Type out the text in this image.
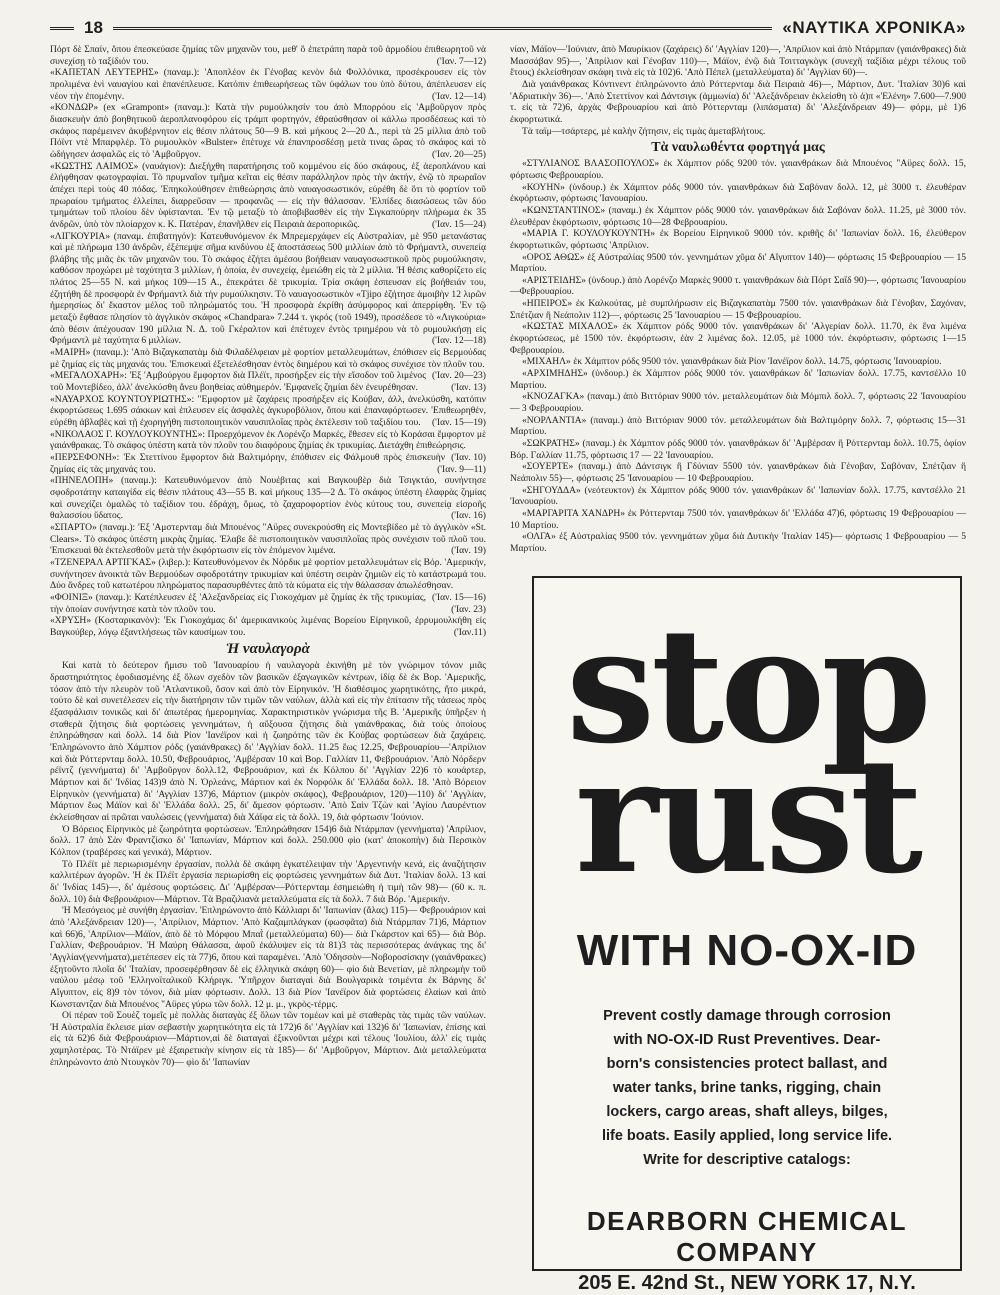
18	«ΝΑΥΤΙΚΑ ΧΡΟΝΙΚΑ»

Πόρτ δὲ Σπαίν, ὅπου ἐπεσκεύασε ζημίας τῶν μηχανῶν του, μεθ' ὃ ἐπετράπη παρὰ τοῦ ἁρμοδίου ἐπιθεωρητοῦ νὰ συνεχίσῃ τὸ ταξίδιόν του.	('Ιαν. 7—12)

«ΚΑΠΕΤΑΝ ΛΕΥΤΕΡΗΣ» (παναμ.): 'Αποπλέον ἐκ Γένοβας κενὸν διὰ Φολλόνικα, προσέκρουσεν εἰς τὸν προλιμένα ἑνὶ ναυαγίου καὶ ἐπανέπλευσε. Κατόπιν ἐπιθεωρήσεως τῶν ὑφάλων του ὑπὸ δύτου, ἀπέπλευσεν εἰς νέον τὴν ἐπομένην.	('Ιαν. 12—14)

«ΚΟΝΔΩΡ» (ex «Grampont» (παναμ.): Κατὰ τὴν ρυμούλκησίν του ἀπὸ Μπορρόου εἰς 'Αμβοῦργον πρὸς διασκευὴν ἀπὸ βοηθητικοῦ ἀεροπλανοφόρου εἰς τράμπ φορτηγόν, ἐθραύσθησαν οἱ κάλλω προσδέσεως καὶ τὸ σκάφος παρέμεινεν ἀκυβέρνητον εἰς θέσιν πλάτους 50—9 Β. καὶ μήκους 2—20 Δ., περὶ τὰ 25 μίλλια ἀπὸ τοῦ Πόϊντ ντὲ Μπαρφλέρ. Τὸ ρυμουλκὸν «Bulster» ἐπέτυχε νὰ ἐπανπροσδέσῃ μετὰ τινας ὥρας τὸ σκάφος καὶ τὸ ὡδήγησεν ἀσφαλῶς εἰς τὸ 'Αμβοῦργον.	('Ιαν. 20—25)

«ΚΩΣΤΗΣ ΛΑΙΜΟΣ» (ναυάγιον): Διεξήχθη παρατήρησις τοῦ κομμένου εἰς δύο σκάφους, ἐξ ἀεροπλάνου καὶ ἐλήφθησαν φωτογραφίαι. Τὸ πρυμναῖον τμῆμα κεῖται εἰς θέσιν παράλληλον πρὸς τὴν ἀκτήν, ἐνῷ τὸ πρωραῖον ἀπέχει περὶ τοὺς 40 πόδας. 'Επηκολούθησεν ἐπιθεώρησις ἀπὸ ναυαγοσωστικόν, εὑρέθη δὲ ὅτι τὸ φορτίον τοῦ πρωραίου τμήματος ἐλλείπει, διαρρεῦσαν — προφανῶς — εἰς τὴν θάλασσαν. 'Ελπίδες διασώσεως τῶν δύο τμημάτων τοῦ πλοίου δὲν ὑφίστανται. 'Εν τῷ μεταξὺ τὸ ἀποβιβασθὲν εἰς τὴν Σιγκαπούρην πλήρωμα ἐκ 35 ἀνδρῶν, ὑπὸ τὸν πλοίαρχον κ. Κ. Πατέραν, ἐπανῆλθεν εἰς Πειραιὰ ἀεροπορικῶς.	('Ιαν. 15—24)

«ΛΙΓΚΟΥΡΙΑ» (παναμ. ἐπιβατηγόν): Κατευθυνόμενον ἐκ Μπρεμερχάφεν εἰς Αὐστραλίαν, μὲ 950 μετανάστας καὶ μὲ πλήρωμα 130 ἀνδρῶν, ἐξέπεμψε σῆμα κινδύνου ἐξ ἀποστάσεως 500 μιλλίων ἀπὸ τὸ Φρήμαντλ, συνεπείᾳ βλάβης τῆς μιᾶς ἐκ τῶν μηχανῶν του. Τὸ σκάφος ἐζήτει ἀμέσου βοήθειαν ναυαγοσωστικοῦ πρὸς ρυμούλκησιν, καθόσον προχώρει μὲ ταχύτητα 3 μιλλίων, ἡ ὁποία, ἐν συνεχείᾳ, ἐμειώθη εἰς τὰ 2 μίλλια. 'Η θέσις καθορίζετο εἰς πλάτος 25—55 Ν. καὶ μήκος 109—15 Α., ἐπεκράτει δὲ τρικυμία. Τρία σκάφη ἐσπευσαν εἰς βοήθειάν του, ἐζητήθη δὲ προσφορὰ ἐν Φρήμαντλ διὰ τὴν ρυμούλκησιν. Τὸ ναυαγοσωστικὸν «Tjipo ἐζήτησε ἀμοιβὴν 12 λιρῶν ἡμερησίως δι' ἕκαστον μέλος τοῦ πληρώματός του. 'Η προσφορὰ ἐκρίθη ἀσύμφορος καὶ ἀπερρίφθη. 'Εν τῷ μεταξὺ ἔφθασε πλησίον τὸ ἀγγλικὸν σκάφος «Chandpara» 7.244 τ. γκρός (τοῦ 1949), προσέδεσε τὸ «Λιγκούρια» ἀπὸ θέσιν ἀπέχουσαν 190 μίλλια Ν. Δ. τοῦ Γκέραλτον καὶ ἐπέτυχεν ἐντὸς τριημέρου νὰ τὸ ρυμουλκήσῃ εἰς Φρήμαντλ μὲ ταχύτητα 6 μιλλίων.	('Ιαν. 12—18)

«ΜΑΙΡΗ» (παναμ.): 'Απὸ Βιζαγκαπατὰμ διὰ Φιλαδέλφειαν μὲ φορτίον μεταλλευμάτων, ἐπόθισεν εἰς Βερμούδας μὲ ζημίας εἰς τὰς μηχανάς του. 'Επισκευαὶ ἐξετελέσθησαν ἐντὸς διημέρου καὶ τὸ σκάφος συνέχισε τὸν πλοῦν του.
('Ιαν. 20—23)

«ΜΕΓΑΛΟΧΑΡΗ»: 'Εξ 'Αμβούργου ἔμφορτον διὰ Πλέϊτ, προσήρξεν εἰς τὴν εἴσοδον τοῦ λιμένος τοῦ Μοντεβίδεο, ἀλλ' ἀνελκύσθη ἄνευ βοηθείας αὐθημερόν. 'Εμφανεῖς ζημίαι δὲν ἐνευρέθησαν.	('Ιαν. 13)

«ΝΑΥΑΡΧΟΣ ΚΟΥΝΤΟΥΡΙΩΤΗΣ»: "Εμφορτον μὲ ζαχάρεις προσήρξεν εἰς Κούβαν, ἀλλ, ἀνελκύσθη, κατόπιν ἐκφορτώσεως 1.695 σάκκων καὶ ἐπλευσεν εἰς ἀσφαλὲς ἀγκυροβόλιον, ὅπου καὶ ἐπαναφόρτωσεν. 'Επιθεωρηθέν, εὑρέθη ἀβλαβὲς καὶ τῇ ἐχορηγήθη πιστοποιητικὸν ναυσιπλοΐας πρὸς ἐκτέλεσιν τοῦ ταξιδίου του.	('Ιαν. 15—19)

«ΝΙΚΟΛΑΟΣ Γ. ΚΟΥΛΟΥΚΟΥΝΤΗΣ»: Προερχόμενον ἐκ Λορένζο Μαρκές, ἔθεσεν εἰς τὸ Κοράσαι ἔμφορτον μὲ γαιάνθρακας. Τὸ σκάφος ὑπέστη κατὰ τὸν πλοῦν του διαφόρους ζημίας ἐκ τρικυμίας. Διετάχθη ἐπιθεώρησις.
('Ιαν. 10)

«ΠΕΡΣΕΦΟΝΗ»: 'Εκ Στεττίνου ἔμφορτον διὰ Βαλτιμόρην, ἐπόθισεν εἰς Φάλμουθ πρὸς ἐπισκευὴν ζημίας εἰς τὰς μηχανάς του.	('Ιαν. 9—11)

«ΠΗΝΕΛΟΠΗ» (παναμ.): Κατευθυνόμενον ἀπὸ Νουέβιτας καὶ Βαγκουβὲρ διὰ Τσιγκτάο, συνήντησε σφοδροτάτην καταιγίδα εἰς θέσιν πλάτους 43—55 Β. καὶ μήκους 135—2 Δ. Τὸ σκάφος ὑπέστη ἐλαφρὰς ζημίας καὶ συνεχίζει ὁμαλῶς τὸ ταξίδιον του. ἐδράχη, ὅμως, τὸ ζαχαροφορτίον ἑνὸς κύτους του, συνεπείᾳ εἰσροῆς θαλασσίου ὕδατος.	('Ιαν. 16)

«ΣΠΑΡΤΟ» (παναμ.): 'Εξ 'Αμστερνταμ διὰ Μπουένος "Αϋρες συνεκρούσθη εἰς Μοντεβίδεο μὲ τὸ ἀγγλικὸν «St. Clears». Τὸ σκάφος ὑπέστη μικρὰς ζημίας. 'Ελαβε δὲ πιστοποιητικὸν ναυσιπλοΐας πρὸς συνέχισιν τοῦ πλοῦ του. 'Επισκευαὶ θὰ ἐκτελεσθοῦν μετὰ τὴν ἐκφόρτωσιν εἰς τὸν ἐπόμενον λιμένα.	('Ιαν. 19)

«ΤΖΕΝΕΡΑΛ ΑΡΤΙΓΚΑΣ» (λιβερ.): Κατευθυνόμενον ἐκ Νόρδικ μὲ φορτίον μεταλλευμάτων εἰς Βόρ. 'Αμερικήν, συνήντησεν ἀνοικτὰ τῶν Βερμούδων σφοδροτάτην τρικυμίαν καὶ ὑπέστη σειρὰν ζημιῶν εἰς τὸ κατάστρωμά του. Δύο ἄνδρες τοῦ κατωτέρου πληρώματος παρασυρθέντες ἀπὸ τὰ κύματα εἰς τὴν θάλασσαν ἀπωλέσθησαν.
('Ιαν. 15—16)

«ΦΟΙΝΙΞ» (παναμ.): Κατέπλευσεν ἐξ 'Αλεξανδρείας εἰς Γιοκοχάμαν μὲ ζημίας ἐκ τῆς τρικυμίας, τὴν ὁποίαν συνήντησε κατὰ τὸν πλοῦν του.	('Ιαν. 23)

«ΧΡΥΣΗ» (Κοσταρικανὸν): 'Εκ Γιοκοχάμας δι' ἀμερικανικοὺς λιμένας Βορείου Εἰρηνικοῦ, ἐρρυμουλκήθη εἰς Βαγκούβερ, λόγῳ ἐξαντλήσεως τῶν καυσίμων του.	('Ιαν.11)

Ἡ ναυλαγορὰ

Καὶ κατὰ τὸ δεύτερον ἥμισυ τοῦ 'Ιανουαρίου ἡ ναυλαγορὰ ἐκινήθη μὲ τὸν γνώριμον τόνον μιᾶς δραστηριότητος ἐφοδιασμένης ἐξ ὅλων σχεδὸν τῶν βασικῶν ἐξαγωγικῶν κέντρων, ἰδίᾳ δὲ ἐκ Βορ. 'Αμερικῆς, τόσον ἀπὸ τὴν πλευρὸν τοῦ 'Ατλαντικοῦ, ὅσον καὶ ἀπὸ τὸν Εἰρηνικόν. 'Η διαθέσιμος χωρητικότης, ἤτο μικρά, τούτο δὲ καὶ συνετέλεσεν εἰς τὴν διατήρησιν τῶν τιμῶν τῶν ναύλων, ἀλλὰ καὶ εἰς τὴν ἐπίτασιν τῆς τάσεως πρὸς ἐξασφάλισιν τονικῶς καὶ δι' ἀπωτέρας ἡμερομηνίας. Χαρακτηριστικὸν γνώρισμα τῆς Β. 'Αμερικῆς ὑπῆρξεν ἡ σταθερὰ ζήτησις διὰ φορτώσεις γεννημάτων, ἡ αὔξουσα ζήτησις διὰ γαιάνθρακας, διὰ τοὺς ὁποίους ἐπληρώθησαν καὶ δολλ. 14 διὰ Ρίον 'Ιανέϊρον καὶ ἡ ζωηρότης τῶν ἐκ Κούβας φορτώσεων διὰ ζαχάρεις. 'Επληρώνοντο ἀπὸ Χάμπτον ρόδς (γαιάνθρακες) δι' 'Αγγλίαν δολλ. 11.25 ἕως 12.25, Φεβρουαρίου—'Απρίλιον καὶ διὰ Ρόττερνταμ δολλ. 10.50, Φεβρουάριος, 'Αμβέρσαν 10 καὶ Βορ. Γαλλίαν 11, Φεβρουάριον. 'Απὸ Νόρδερν ρέϊντζ (γεννήματα) δι' 'Αμβοῦργον δολλ.12, Φεβρουάριον, καὶ ἐκ Κόλπου δι' 'Αγγλίαν 22)6 τὸ κουάρτερ, Μάρτιον καὶ δι' 'Ινδίας 143)9 ἀπὸ Ν. Ὀρλεάνς, Μάρτιον καὶ ἐκ Νορφόλκ δι' Ἑλλάδα δολλ. 18. 'Απὸ Βόρειον Εἰρηνικὸν (γεννήματα) δι' 'Αγγλίαν 137)6, Μάρτιον (μικρὸν σκάφος), Φεβρουάριον, 120)—110) δι' 'Αγγλίαν, Μάρτιον ἕως Μάϊον καὶ δι' Ἑλλάδα δολλ. 25, δι' ἄμεσον φόρτωσιν. 'Απὸ Σαὶν Τζὼν καὶ 'Αγίου Λαυρέντιον ἐκλείσθησαν αἱ πρῶται ναυλώσεις (γεννήματα) διὰ Χάϊφα εἰς τὰ δολλ. 19, διὰ φόρτωσιν 'Ιούνιον.

Ὁ Βόρειος Εἰρηνικὸς μὲ ζωηρότητα φορτώσεων. 'Επληρώθησαν 154)6 διὰ Ντάρμπαν (γεννήματα) 'Απρίλιον, δολλ. 17 ἀπὸ Σὰν Φραντζίσκο δι' 'Ιαπωνίαν, Μάρτιον καὶ δολλ. 250.000 φὶο (κατ' ἀποκοπὴν) διὰ Περσικὸν Κόλπον (τραβέρσες καὶ γενικά), Μάρτιον.

Τὸ Πλέϊτ μὲ περιωρισμένην ἐργασίαν, πολλὰ δὲ σκάφη ἐγκατέλειψαν τὴν 'Αργεντινὴν κενά, εἰς ἀναζήτησιν καλλιτέρων ἀγορῶν. 'Η ἐκ Πλέϊτ ἐργασία περιωρίσθη εἰς φορτώσεις γεννημάτων διὰ Δυτ. 'Ιταλίαν δολλ. 13 καὶ δι' 'Ινδίας 145)—, δι' ἀμέσους φορτώσεις. Δι' 'Αμβέρσαν—Ρόττερνταμ ἐσημειώθη ἡ τιμὴ τῶν 98)— (60 κ. π. δολλ. 10) διὰ Φεβρουάριον—Μάρτιον. Τὰ Βραζιλιανὰ μεταλλεύματα εἰς τὰ δολλ. 7 διὰ Βόρ. 'Αμερικήν.

'Η Μεσόγειος μὲ συνήθη ἐργασίαν. 'Επληρώνοντο ἀπὸ Κάλλιαρι δι' 'Ιαπωνίαν (ἅλας) 115)— Φεβρουάριον καὶ ἀπὸ 'Αλεξάνδρειαν 120)—, 'Απρίλιον, Μάρτιον. 'Απὸ Καζαμπλάγκαν (φωσφᾶτα) διὰ Ντάρμπαν 71)6, Μάρτιον καὶ 66)6, 'Απρίλιον—Μάϊον, ἀπὸ δὲ τὸ Μόρφου Μπαῒ (μεταλλεύματα) 60)— διὰ Γκάρστον καὶ 65)— διὰ Βόρ. Γαλλίαν, Φεβρουάριον. 'Η Μαύρη Θάλασσα, ἀφοῦ ἐκάλυψεν εἰς τὰ 81)3 τὰς περισσότερας ἀνάγκας της δι' 'Αγγλίαν(γεννήματα),μετέπεσεν εἰς τὰ 77)6, ὅπου καὶ παραμένει. 'Απὸ 'Οδησσὸν—Νοβοροσίσκην (γαιάνθρακες) ἐξητοῦντο πλοῖα δι' 'Ιταλίαν, προσεφέρθησαν δὲ εἰς ἑλληνικὰ σκάφη 60)— φὶο διὰ Βενετίαν, μὲ πληρωμὴν τοῦ ναύλου μέσῳ τοῦ 'Ελληνοϊταλικοῦ Κλήριγκ. 'Υπῆρχον διαταγαὶ διὰ Βουλγαρικὰ τσιμέντα ἐκ Βάρνης δι' Αἴγυπτον, εἰς 8)9 τὸν τόνον, διὰ μίαν φόρτωσιν. Δολλ. 13 διὰ Ρίον 'Ιανέϊρον διὰ φορτώσεις ἐλαίων καὶ ἀπὸ Κωνσταντζαν διὰ Μπουένος "Αϋρες γύρω τῶν δολλ. 12 μ. μ., γκρὸς-τέρμς.

Οἱ πέραν τοῦ Σουὲζ τομεῖς μὲ πολλὰς διαταγὰς ἐξ ὅλων τῶν τομέων καὶ μὲ σταθερὰς τὰς τιμὰς τῶν ναύλων. 'Η Αὐστραλία ἔκλεισε μίαν σεβαστὴν χωρητικότητα εἰς τὰ 172)6 δι' 'Αγγλίαν καὶ 132)6 δι' 'Ιαπωνίαν, ἐπίσης καὶ εἰς τὰ 62)6 διὰ Φεβρουάριον—Μάρτιον,αἱ δὲ διαταγαὶ ἐξικνοῦνται μέχρι καὶ τέλους 'Ιουλίου, ἀλλ' εἰς τιμὰς χαμηλοτέρας. Τὸ Ντάϊρεν μὲ ἐξαιρετικὴν κίνησιν εἰς τὰ 185)— δι' 'Αμβοῦργον, Μάρτιον. Διὰ μεταλλεύματα ἐπληρώνοντο ἀπὸ Ντουγκὸν 70)— φὶο δι' 'Ιαπωνίαν

νίαν, Μάϊον—'Ιούνιαν, ἀπὸ Μαυρίκιον (ζαχάρεις) δι' 'Αγγλίαν 120)—, 'Απρίλιον καὶ ἀπὸ Ντάρμπαν (γαιάνθρακες) διὰ Μασσάβαν 95)—, 'Απρίλιον καὶ Γένοβαν 110)—, Μάϊον, ἐνῷ διὰ Τσιτταγκὸγκ (συνεχῆ ταξίδια μέχρι τέλους τοῦ ἔτους) ἐκλείσθησαν σκάφη τινὰ εἰς τὰ 102)6. 'Απὸ Πέπελ (μεταλλεύματα) δι' 'Αγγλίαν 60)—.

Διὰ γαιάνθρακας Κόντινεντ ἐπληρώνοντο ἀπὸ Ρόττερνταμ διὰ Πειραιὰ 46)—, Μάρτιον, Δυτ. 'Ιταλίαν 30)6 καὶ 'Αδριατικὴν 36)—. 'Απὸ Στεττίνον καὶ Δάντσιγκ (ἀμμωνία) δι' 'Αλεξάνδρειαν ἐκλείσθη τὸ ἀ)π «'Ελένη» 7.600—7.900 τ. εἰς τὰ 72)6, ἀρχὰς Φεβρουαρίου καὶ ἀπὸ Ρόττερνταμ (λιπάσματα) δι' 'Αλεξάνδρειαν 49)— φόρμ, μὲ 1)6 ἐκφορτωτικά.

Τὰ ταϊμ—τσάρτερς, μὲ καλὴν ζήτησιν, εἰς τιμὰς ἀμεταβλήτους.

Τὰ ναυλωθέντα φορτηγά μας

«ΣΤΥΛΙΑΝΟΣ ΒΛΑΣΟΠΟΥΛΟΣ» ἐκ Χάμπτον ρόδς 9200 τόν. γαιανθράκων διὰ Μπουένος "Αϋρες δολλ. 15, φόρτωσις Φεβρουαρίου.

«ΚΟΥΗΝ» (ὑνδουρ.) ἐκ Χάμπτον ρόδς 9000 τόν. γαιανθράκων διὰ Σαβόναν δολλ. 12, μὲ 3000 τ. ἐλευθέραν ἐκφόρτωσιν, φόρτωσις 'Ιανουαρίου.

«ΚΩΝΣΤΑΝΤΙΝΟΣ» (παναμ.) ἐκ Χάμπτον ρόδς 9000 τόν. γαιανθράκων διὰ Σαβόναν δολλ. 11.25, μὲ 3000 τόν. ἐλευθέραν ἐκφόρτωσιν, φόρτωσις 10—28 Φεβρουαρίου.

«ΜΑΡΙΑ Γ. ΚΟΥΛΟΥΚΟΥΝΤΗ» ἐκ Βορείου Εἰρηνικοῦ 9000 τόν. κριθῆς δι' 'Ιαπωνίαν δολλ. 16, ἐλεύθερον ἐκφορτωτικῶν, φόρτωσις 'Απρίλιον.

«ΟΡΟΣ ΑΘΩΣ» ἐξ Αὐστραλίας 9500 τόν. γεννημάτων χῦμα δι' Αἴγυπτον 140)— φόρτωσις 15 Φεβρουαρίου — 15 Μαρτίου.

«ΑΡΙΣΤΕΙΔΗΣ» (ὑνδουρ.) ἀπὸ Λορένζο Μαρκὲς 9000 τ. γαιανθράκων διὰ Πόρτ Σαΐδ 90)—, φόρτωσις 'Ιανουαρίου—Φεβρουαρίου.

«ΗΠΕΙΡΟΣ» ἐκ Καλκούτας, μὲ συμπλήρωσιν εἰς Βιζαγκαπατὰμ 7500 τόν. γαιανθράκων διὰ Γένοβαν, Σαχόναν, Σπέτζιαν ἢ Νεάπολιν 112)—, φόρτωσις 25 'Ιανουαρίου — 15 Φεβρουαρίου.

«ΚΩΣΤΑΣ ΜΙΧΑΛΟΣ» ἐκ Χάμπτον ρόδς 9000 τόν. γαιανθράκων δι' 'Αλγερίαν δολλ. 11.70, ἐκ ἕνα λιμένα ἐκφορτώσεως, μὲ 1500 τόν. ἐκφόρτωσιν, ἐὰν 2 λιμένας δολ. 12.05, μὲ 1000 τόν. ἐκφόρτωσιν, φόρτωσις 1—15 Φεβρουαρίου.

«ΜΙΧΑΗΛ» ἐκ Χάμπτον ρόδς 9500 τόν. γαιανθράκων διὰ Ρίον 'Ιανέϊρον δολλ. 14.75, φόρτωσις 'Ιανουαρίου.

«ΑΡΧΙΜΗΔΗΣ» (ὑνδουρ.) ἐκ Χάμπτον ρόδς 9000 τόν. γαιανθράκων δι' 'Ιαπωνίαν δολλ. 17.75, καντσέλλο 10 Μαρτίου.

«ΚΝΟΖΑΓΚΑ» (παναμ.) ἀπὸ Βιττόριαν 9000 τόν. μεταλλευμάτων διὰ Μόμπιλ δολλ. 7, φόρτωσις 22 'Ιανουαρίου — 3 Φεβρουαρίου.

«ΝΟΡΛΑΝΤΙΑ» (παναμ.) ἀπὸ Βιττόριαν 9000 τόν. μεταλλευμάτων διὰ Βαλτιμόρην δολλ. 7, φόρτωσις 15—31 Μαρτίου.

«ΣΩΚΡΑΤΗΣ» (παναμ.) ἐκ Χάμπτον ρόδς 9000 τόν. γαιανθράκων δι' 'Αμβέρσαν ἢ Ρόττερνταμ δολλ. 10.75, ὁφίον Βόρ. Γαλλίαν 11.75, φόρτωσις 17 — 22 'Ιανουαρίου.

«ΣΟΥΕΡΤΕ» (παναμ.) ἀπὸ Δάντσιγκ ἢ Γδύνιαν 5500 τόν. γαιανθράκων διὰ Γένοβαν, Σαβόναν, Σπέτζιαν ἢ Νεάπολιν 55)—, φόρτωσις 25 'Ιανουαρίου — 10 Φεβρουαρίου.

«ΣΗΓΟΥΔΔΑ» (νεότευκτον) ἐκ Χάμπτον ρόδς 9000 τόν. γαιανθράκων δι' 'Ιαπωνίαν δολλ. 17.75, καντσέλλο 21 'Ιανουαρίου.

«ΜΑΡΓΑΡΙΤΑ ΧΑΝΔΡΗ» ἐκ Ρόττερνταμ 7500 τόν. γαιανθράκων δι' 'Ελλάδα 47)6, φόρτωσις 19 Φεβρουαρίου — 10 Μαρτίου.

«ΟΛΓΑ» ἐξ Αὐστραλίας 9500 τόν. γεννημάτων χῦμα διὰ Δυτικὴν 'Ιταλίαν 145)— φόρτωσις 1 Φεβρουαρίου — 5 Μαρτίου.

stop
rust
WITH NO-OX-ID
Prevent costly damage through corrosion
with NO-OX-ID Rust Preventives. Dear-
born's consistencies protect ballast, and
water tanks, brine tanks, rigging, chain
lockers, cargo areas, shaft alleys, bilges,
life boats. Easily applied, long service life.
Write for descriptive catalogs:
DEARBORN CHEMICAL COMPANY
205 E. 42nd St., NEW YORK 17, N.Y.
